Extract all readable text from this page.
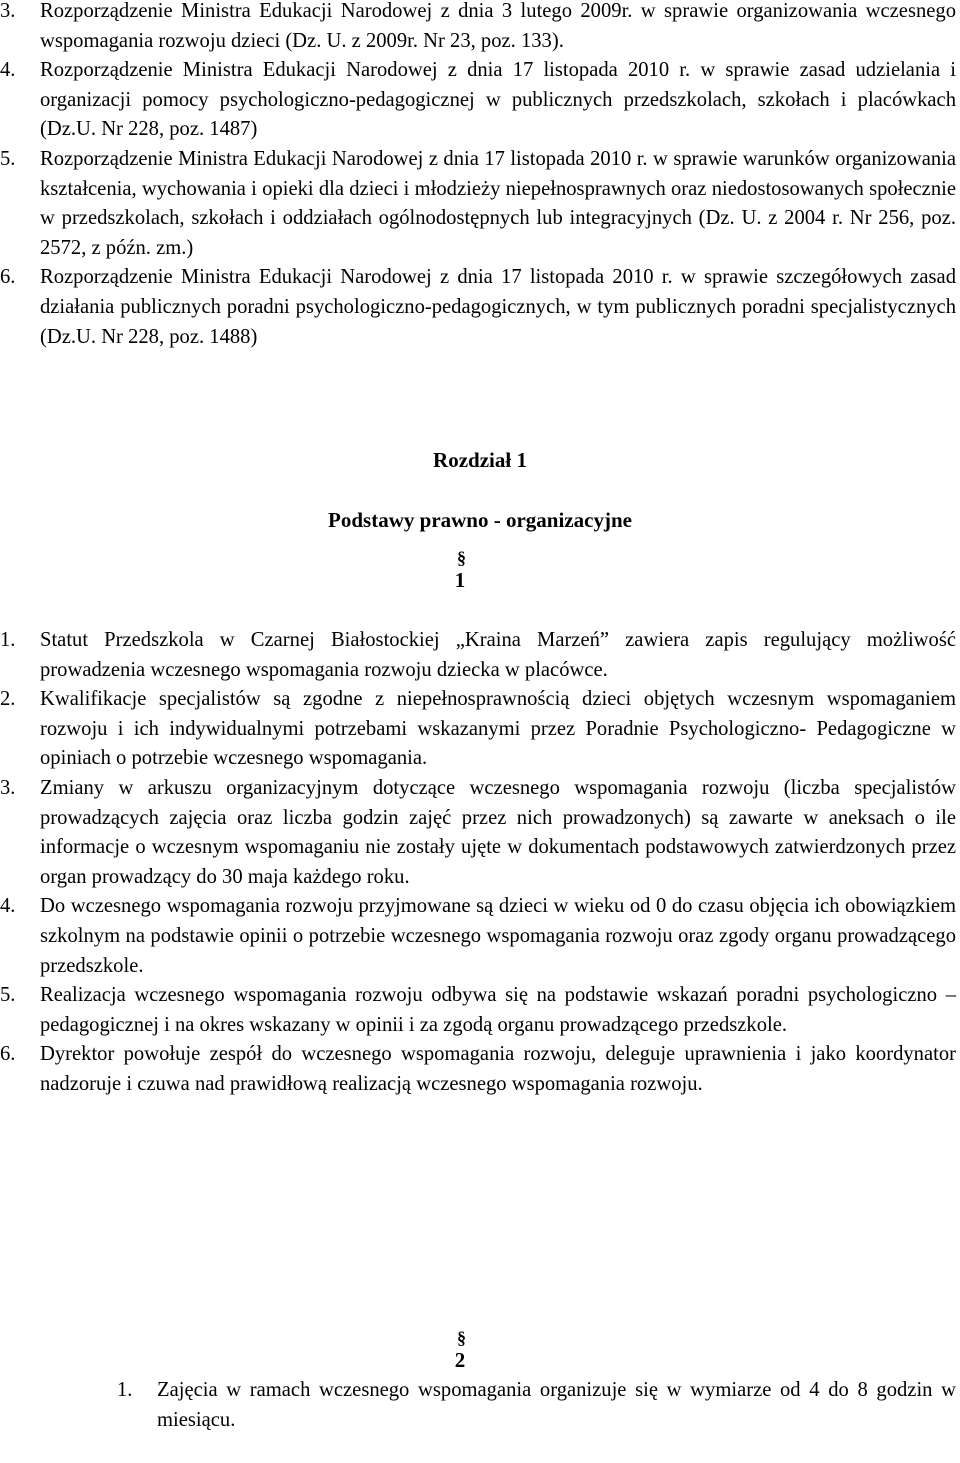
3.	Rozporządzenie Ministra Edukacji Narodowej z dnia 3 lutego 2009r. w sprawie organizowania wczesnego wspomagania rozwoju dzieci (Dz. U. z 2009r. Nr 23, poz. 133).
4.	Rozporządzenie Ministra Edukacji Narodowej z dnia 17 listopada 2010 r. w sprawie zasad udzielania i organizacji pomocy psychologiczno-pedagogicznej w publicznych przedszkolach, szkołach i placówkach (Dz.U. Nr 228, poz. 1487)
5.	Rozporządzenie Ministra Edukacji Narodowej z dnia 17 listopada 2010 r. w sprawie warunków organizowania kształcenia, wychowania i opieki dla dzieci i młodzieży niepełnosprawnych oraz niedostosowanych społecznie w przedszkolach, szkołach i oddziałach ogólnodostępnych lub integracyjnych (Dz. U. z 2004 r. Nr 256, poz. 2572, z późn. zm.)
6.	Rozporządzenie Ministra Edukacji Narodowej z dnia 17 listopada 2010 r. w sprawie szczegółowych zasad działania publicznych poradni psychologiczno-pedagogicznych, w tym publicznych poradni specjalistycznych (Dz.U. Nr 228, poz. 1488)
Rozdział 1
Podstawy prawno - organizacyjne
§
1
1.	Statut Przedszkola w Czarnej Białostockiej „Kraina Marzeń” zawiera zapis regulujący możliwość prowadzenia wczesnego wspomagania rozwoju dziecka w placówce.
2.	Kwalifikacje specjalistów są zgodne z niepełnosprawnością dzieci objętych wczesnym wspomaganiem rozwoju i ich indywidualnymi potrzebami wskazanymi przez Poradnie Psychologiczno- Pedagogiczne w opiniach o potrzebie wczesnego wspomagania.
3.	Zmiany w arkuszu organizacyjnym dotyczące wczesnego wspomagania rozwoju (liczba specjalistów prowadzących zajęcia oraz liczba godzin zajęć przez nich prowadzonych) są zawarte w aneksach o ile informacje o wczesnym wspomaganiu nie zostały ujęte w dokumentach podstawowych zatwierdzonych przez organ prowadzący do 30 maja każdego roku.
4.	Do wczesnego wspomagania rozwoju przyjmowane są dzieci w wieku od 0 do czasu objęcia ich obowiązkiem szkolnym na podstawie opinii o potrzebie wczesnego wspomagania rozwoju oraz zgody organu prowadzącego przedszkole.
5.	Realizacja wczesnego wspomagania rozwoju odbywa się na podstawie wskazań poradni psychologiczno – pedagogicznej i na okres wskazany w opinii i za zgodą organu prowadzącego przedszkole.
6.	Dyrektor powołuje zespół do wczesnego wspomagania rozwoju, deleguje uprawnienia i jako koordynator nadzoruje i czuwa nad prawidłową realizacją wczesnego wspomagania rozwoju.
§
2
1.	Zajęcia w ramach wczesnego wspomagania organizuje się w wymiarze od 4 do 8 godzin w miesiącu.
